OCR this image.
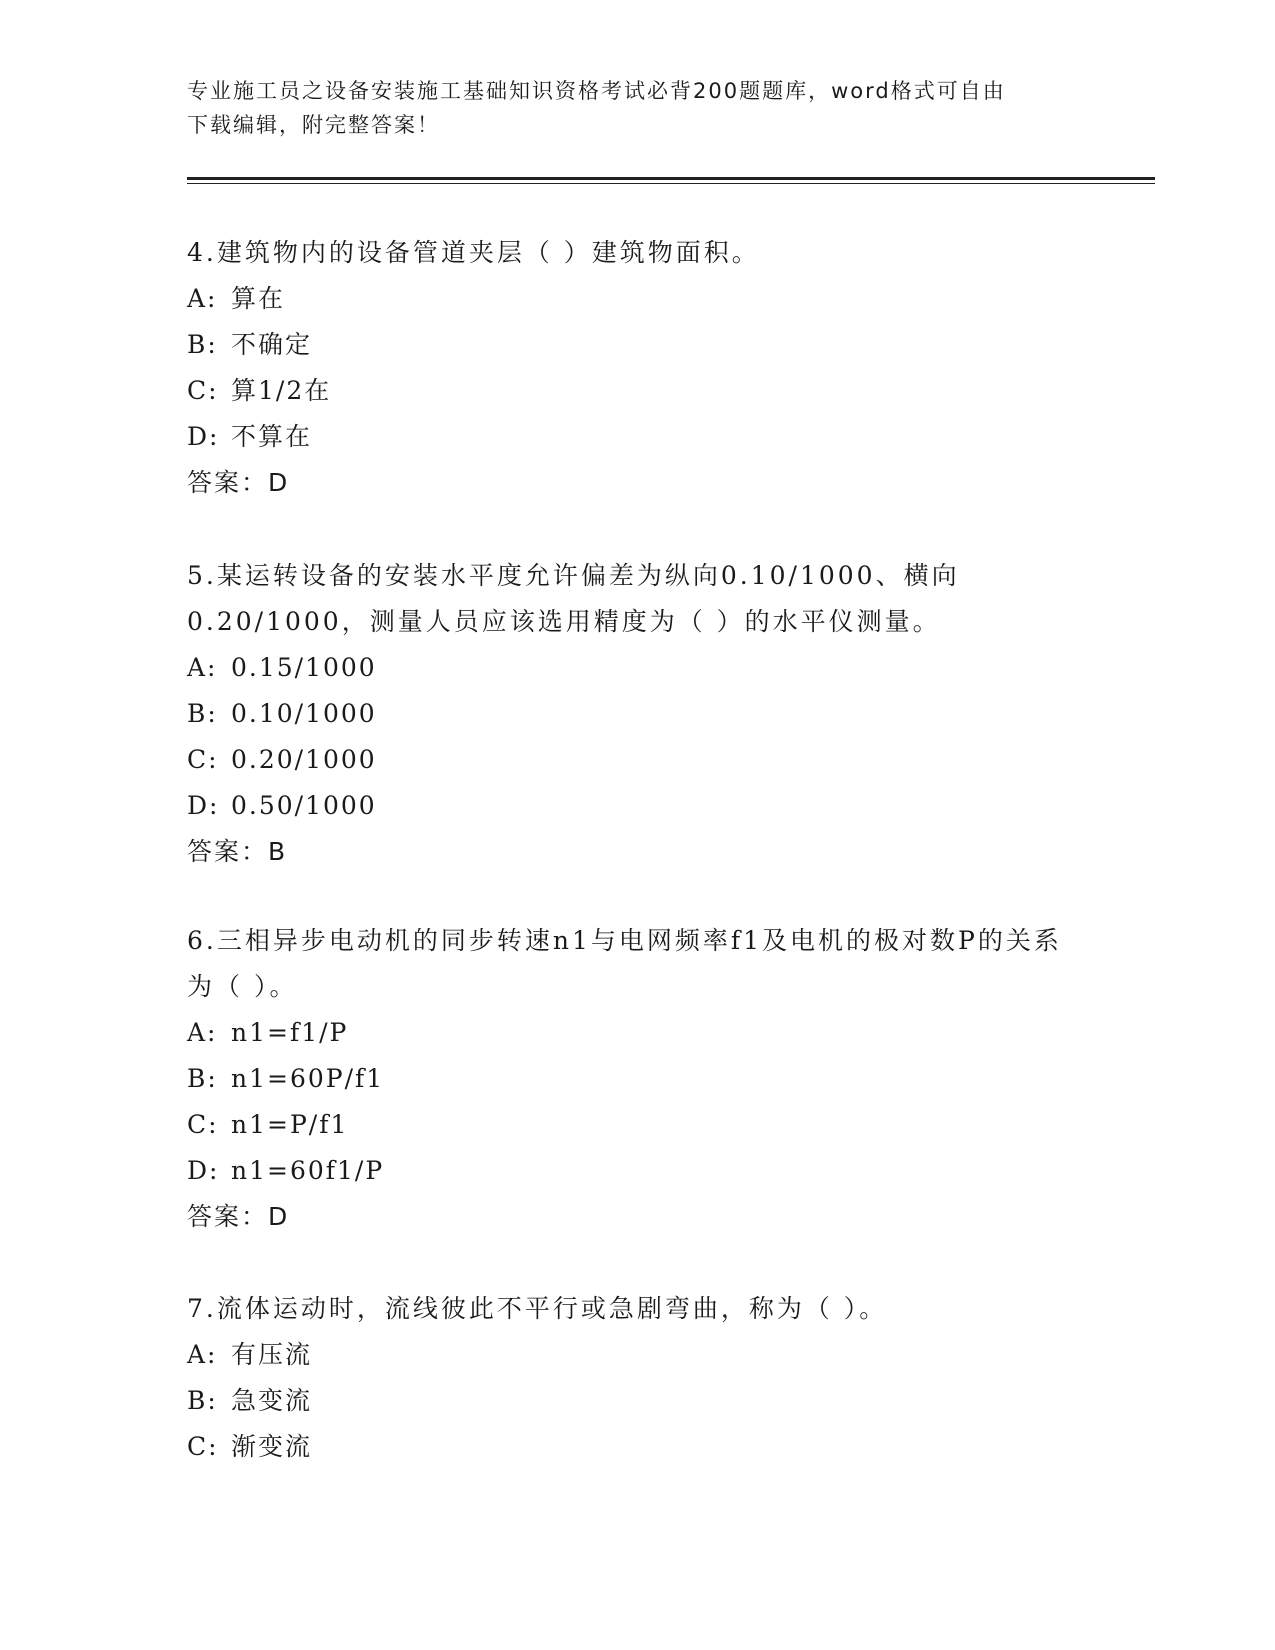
专业施工员之设备安装施工基础知识资格考试必背200题题库，word格式可自由
下载编辑，附完整答案！

4.建筑物内的设备管道夹层（ ）建筑物面积。

A: 算在

B: 不确定

C: 算1/2在

D: 不算在

答案：D

5.某运转设备的安装水平度允许偏差为纵向0.10/1000、横向0.20/1000，测量人员应该选用精度为（ ）的水平仪测量。

A: 0.15/1000

B: 0.10/1000

C: 0.20/1000

D: 0.50/1000

答案：B

6.三相异步电动机的同步转速n1与电网频率f1及电机的极对数P的关系为（ ）。

A: n1=f1/P

B: n1=60P/f1

C: n1=P/f1

D: n1=60f1/P

答案：D

7.流体运动时，流线彼此不平行或急剧弯曲，称为（ ）。

A: 有压流

B: 急变流

C: 渐变流
